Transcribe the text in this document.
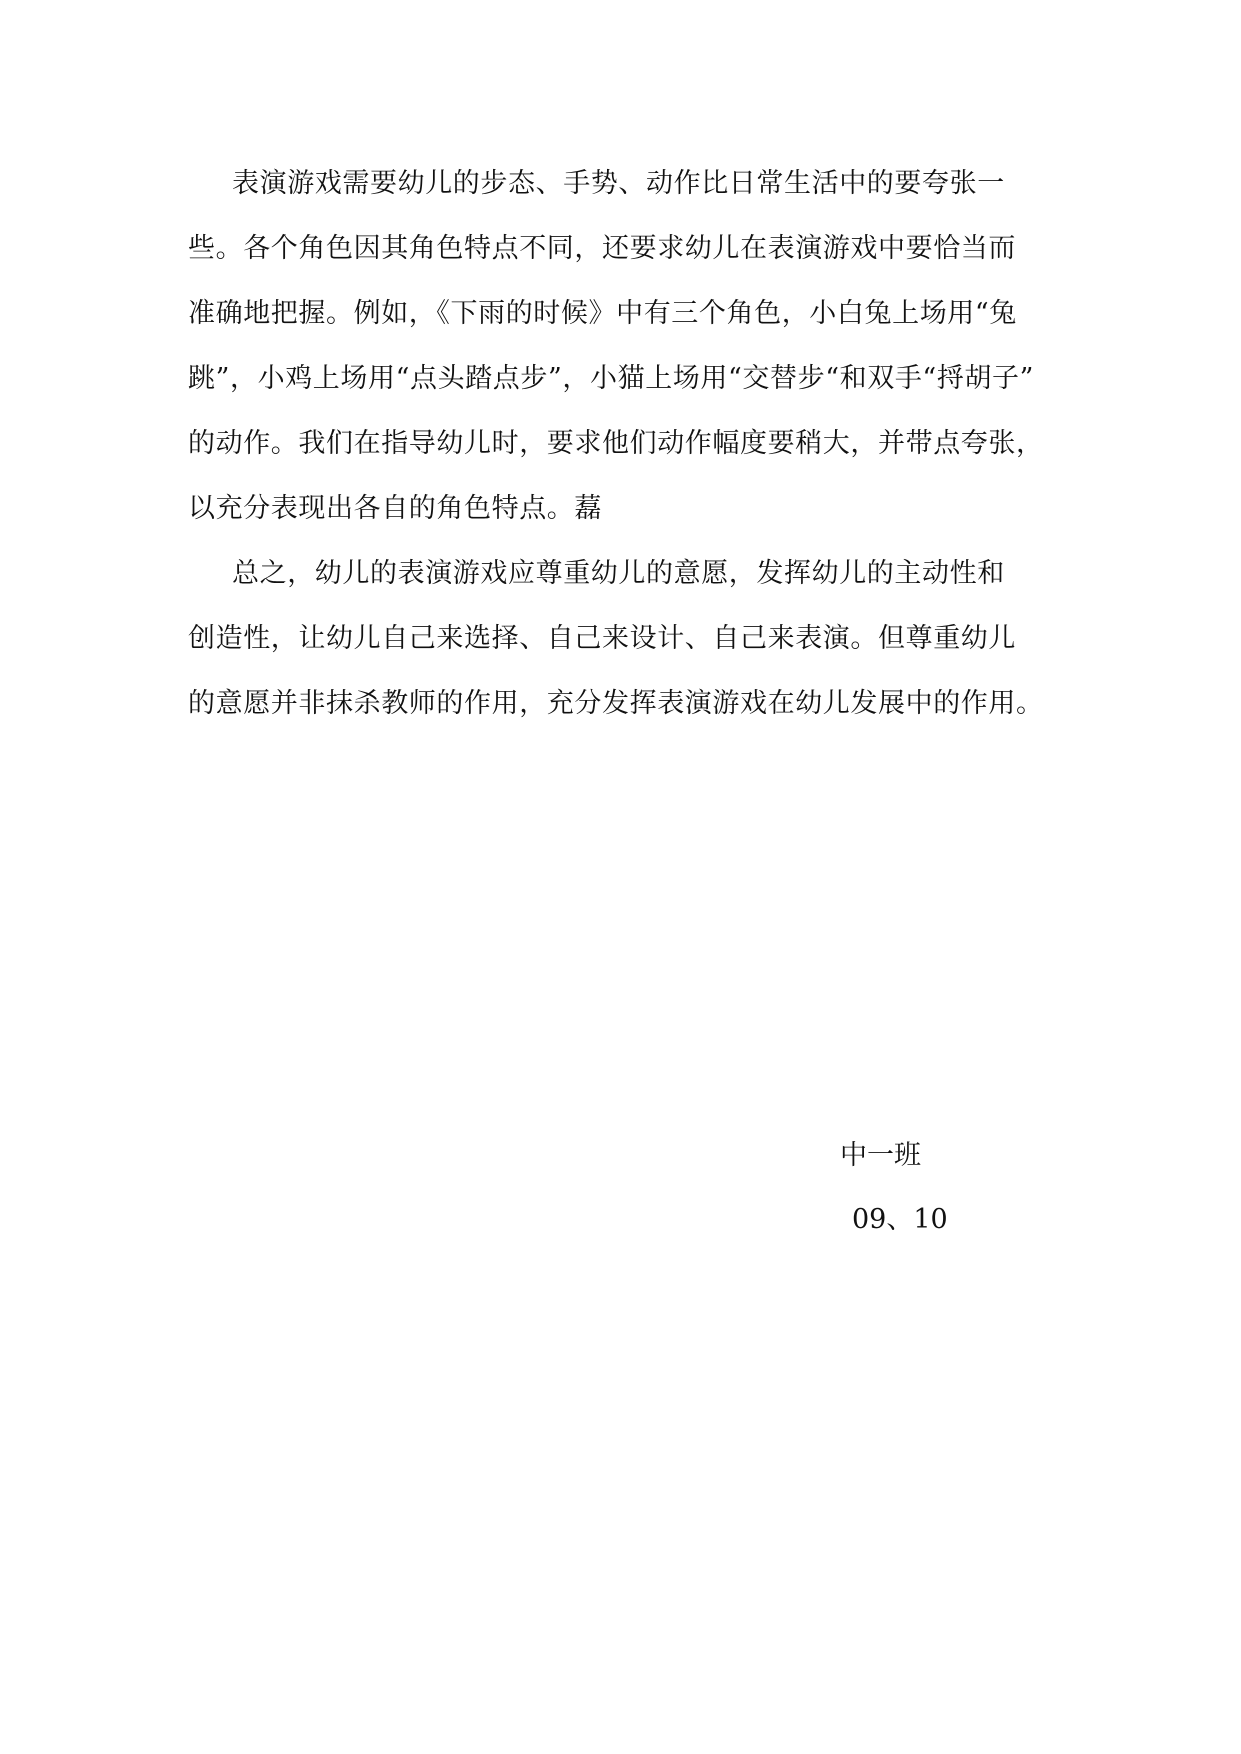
表演游戏需要幼儿的步态、手势、动作比日常生活中的要夸张一
些。各个角色因其角色特点不同，还要求幼儿在表演游戏中要恰当而
准确地把握。例如，《下雨的时候》中有三个角色，小白兔上场用“兔
跳”，小鸡上场用“点头踏点步”，小猫上场用“交替步“和双手“捋胡子”
的动作。我们在指导幼儿时，要求他们动作幅度要稍大，并带点夸张，
以充分表现出各自的角色特点。藞
总之，幼儿的表演游戏应尊重幼儿的意愿，发挥幼儿的主动性和
创造性，让幼儿自己来选择、自己来设计、自己来表演。但尊重幼儿
的意愿并非抹杀教师的作用，充分发挥表演游戏在幼儿发展中的作用。
中一班
09、10
